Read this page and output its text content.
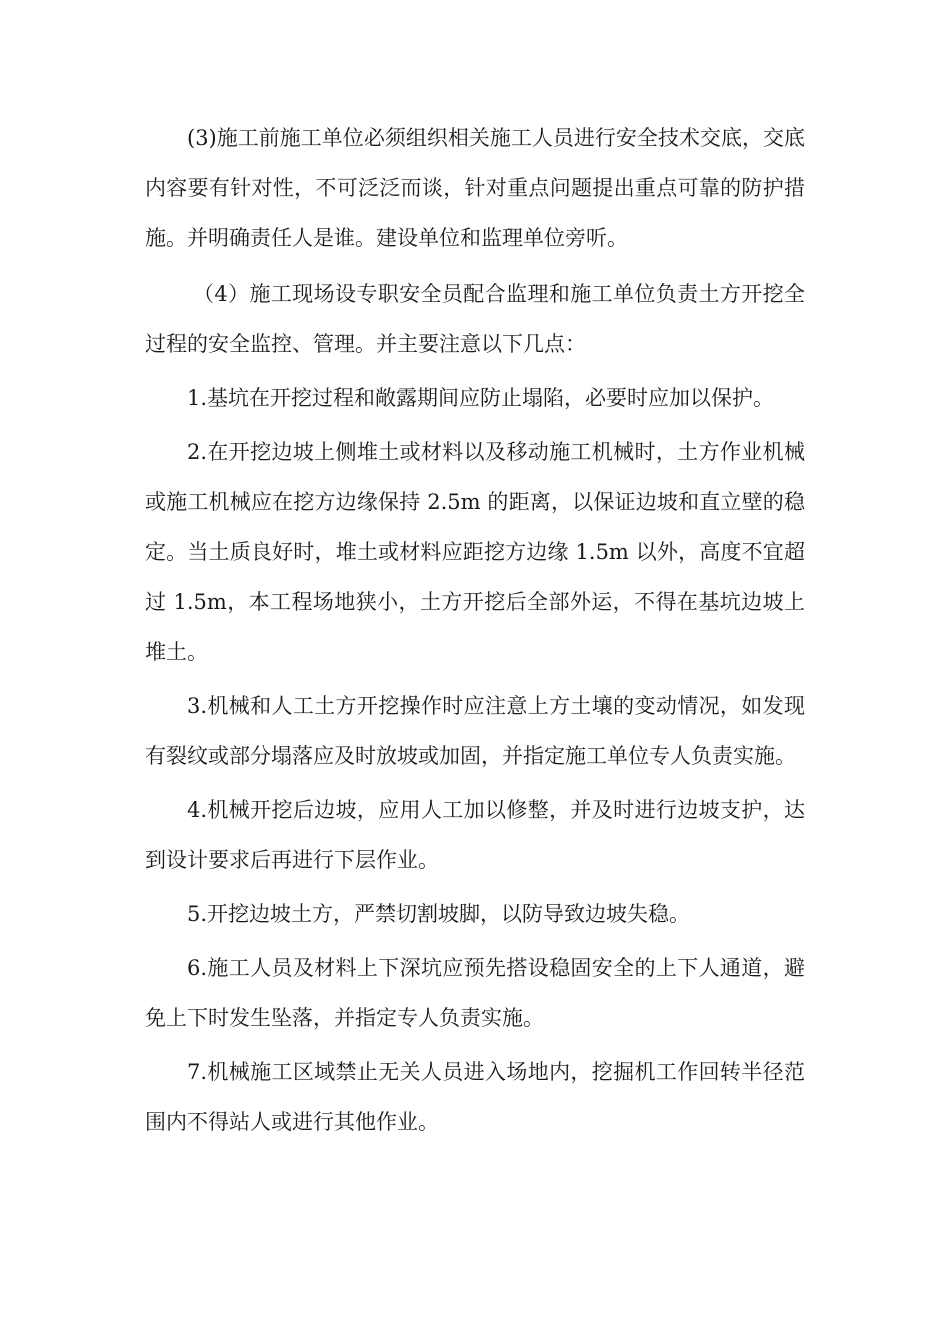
(3)施工前施工单位必须组织相关施工人员进行安全技术交底，交底内容要有针对性，不可泛泛而谈，针对重点问题提出重点可靠的防护措施。并明确责任人是谁。建设单位和监理单位旁听。

（4）施工现场设专职安全员配合监理和施工单位负责土方开挖全过程的安全监控、管理。并主要注意以下几点：

1.基坑在开挖过程和敞露期间应防止塌陷，必要时应加以保护。

2.在开挖边坡上侧堆土或材料以及移动施工机械时，土方作业机械或施工机械应在挖方边缘保持 2.5m 的距离，以保证边坡和直立壁的稳定。当土质良好时，堆土或材料应距挖方边缘 1.5m 以外，高度不宜超过 1.5m，本工程场地狭小，土方开挖后全部外运，不得在基坑边坡上堆土。

3.机械和人工土方开挖操作时应注意上方土壤的变动情况，如发现有裂纹或部分塌落应及时放坡或加固，并指定施工单位专人负责实施。

4.机械开挖后边坡，应用人工加以修整，并及时进行边坡支护，达到设计要求后再进行下层作业。

5.开挖边坡土方，严禁切割坡脚，以防导致边坡失稳。

6.施工人员及材料上下深坑应预先搭设稳固安全的上下人通道，避免上下时发生坠落，并指定专人负责实施。

7.机械施工区域禁止无关人员进入场地内，挖掘机工作回转半径范围内不得站人或进行其他作业。
